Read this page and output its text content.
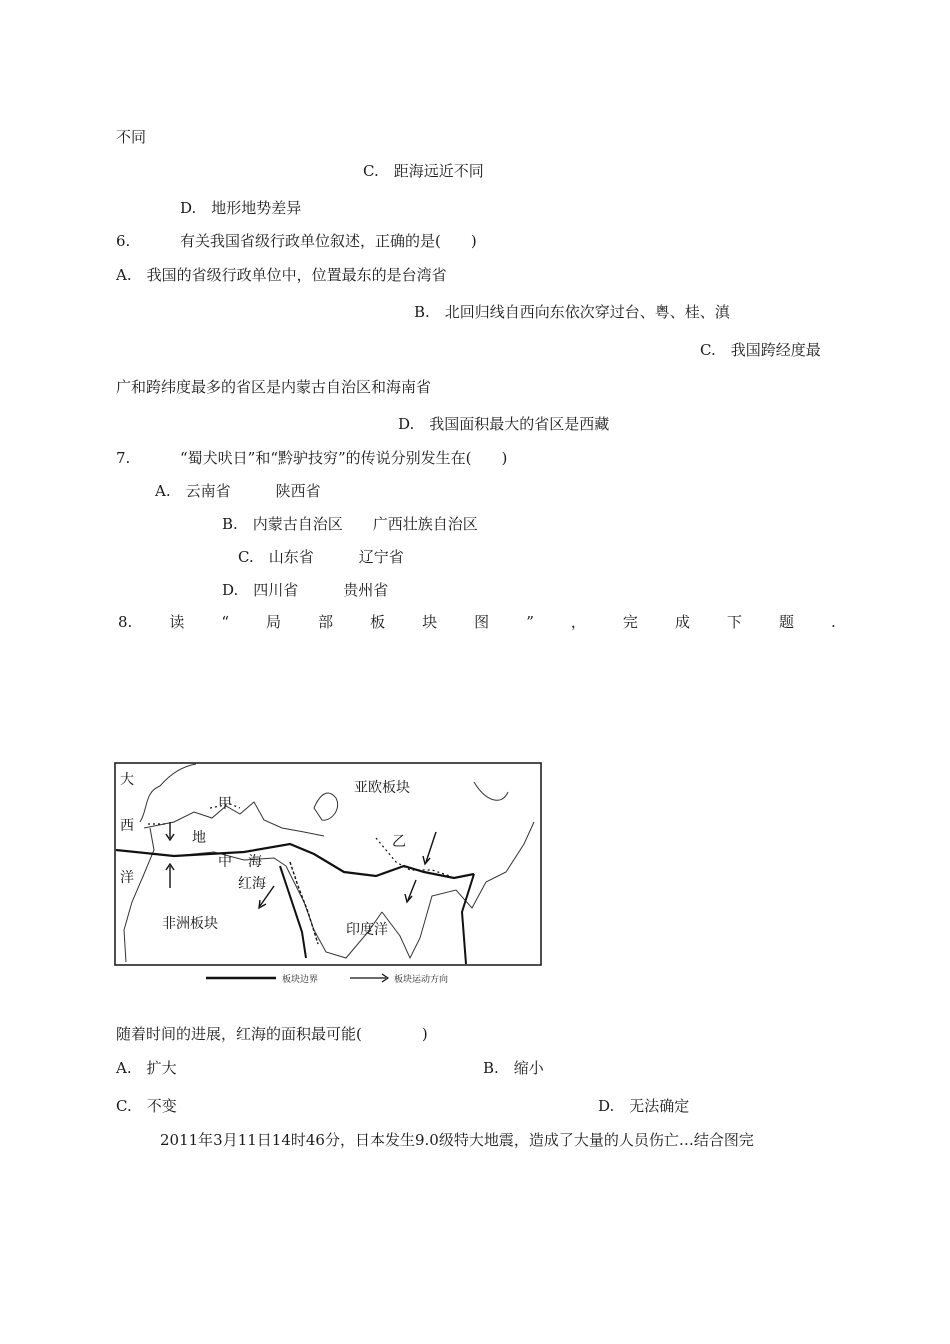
不同
C.　距海远近不同
D.　地形地势差异
6.	有关我国省级行政单位叙述，正确的是(　　)
A.　我国的省级行政单位中，位置最东的是台湾省
B.　北回归线自西向东依次穿过台、粤、桂、滇
C.　我国跨经度最
广和跨纬度最多的省区是内蒙古自治区和海南省
D.　我国面积最大的省区是西藏
7.	“蜀犬吠日”和“黔驴技穷”的传说分别发生在(　　)
A.　云南省　　　陕西省
B.　内蒙古自治区　　广西壮族自治区
C.　山东省　　　辽宁省
D.　四川省　　　贵州省
8. 读 “ 局 部 板 块 图 ” ， 完 成 下 题 .
大
西
洋
甲
地
中 海
乙
亚欧板块
非洲板块
红海
印度洋
板块边界	板块运动方向
随着时间的进展，红海的面积最可能(　　　　)
A.　扩大	B.　缩小
C.　不变	D.　无法确定
2011年3月11日14时46分，日本发生9.0级特大地震，造成了大量的人员伤亡…结合图完
